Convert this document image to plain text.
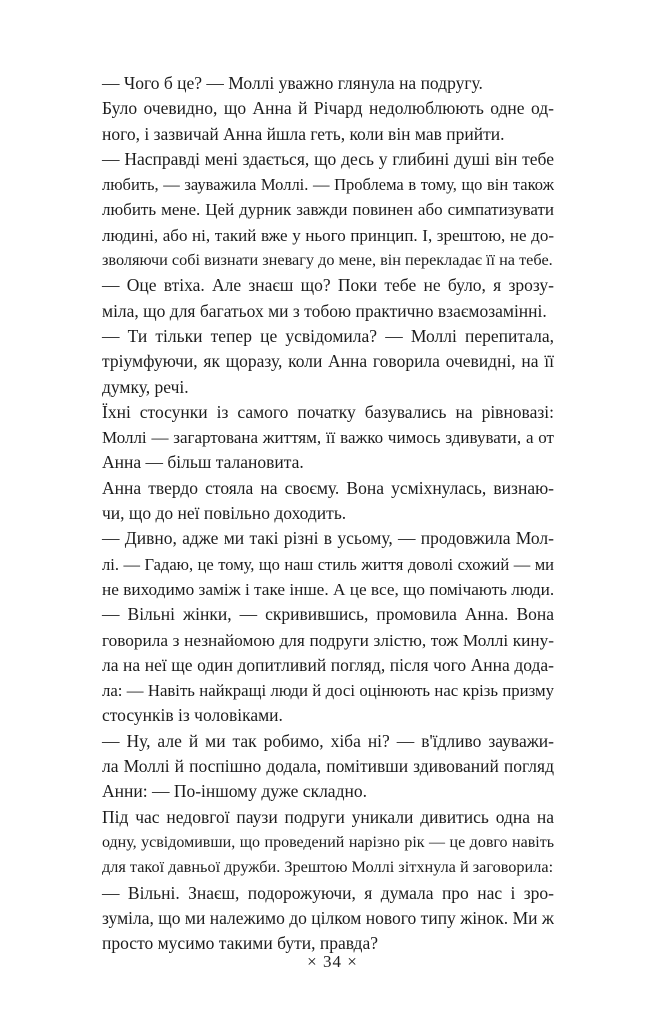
— Чого б це? — Моллі уважно глянула на подругу.
Було очевидно, що Анна й Річард недолюблюють одне од-
ного, і зазвичай Анна йшла геть, коли він мав прийти.
— Насправді мені здається, що десь у глибині душі він тебе
любить, — зауважила Моллі. — Проблема в тому, що він також
любить мене. Цей дурник завжди повинен або симпатизувати
людині, або ні, такий вже у нього принцип. І, зрештою, не до-
зволяючи собі визнати зневагу до мене, він перекладає її на тебе.
— Оце втіха. Але знаєш що? Поки тебе не було, я зрозу-
міла, що для багатьох ми з тобою практично взаємозамінні.
— Ти тільки тепер це усвідомила? — Моллі перепитала,
тріумфуючи, як щоразу, коли Анна говорила очевидні, на її
думку, речі.
Їхні стосунки із самого початку базувались на рівновазі:
Моллі — загартована життям, її важко чимось здивувати, а от
Анна — більш талановита.
Анна твердо стояла на своєму. Вона усміхнулась, визнаю-
чи, що до неї повільно доходить.
— Дивно, адже ми такі різні в усьому, — продовжила Мол-
лі. — Гадаю, це тому, що наш стиль життя доволі схожий — ми
не виходимо заміж і таке інше. А це все, що помічають люди.
— Вільні жінки, — скривившись, промовила Анна. Вона
говорила з незнайомою для подруги злістю, тож Моллі кину-
ла на неї ще один допитливий погляд, після чого Анна дода-
ла: — Навіть найкращі люди й досі оцінюють нас крізь призму
стосунків із чоловіками.
— Ну, але й ми так робимо, хіба ні? — в'їдливо зауважи-
ла Моллі й поспішно додала, помітивши здивований погляд
Анни: — По-іншому дуже складно.
Під час недовгої паузи подруги уникали дивитись одна на
одну, усвідомивши, що проведений нарізно рік — це довго навіть
для такої давньої дружби. Зрештою Моллі зітхнула й заговорила:
— Вільні. Знаєш, подорожуючи, я думала про нас і зро-
зуміла, що ми належимо до цілком нового типу жінок. Ми ж
просто мусимо такими бути, правда?
× 34 ×
